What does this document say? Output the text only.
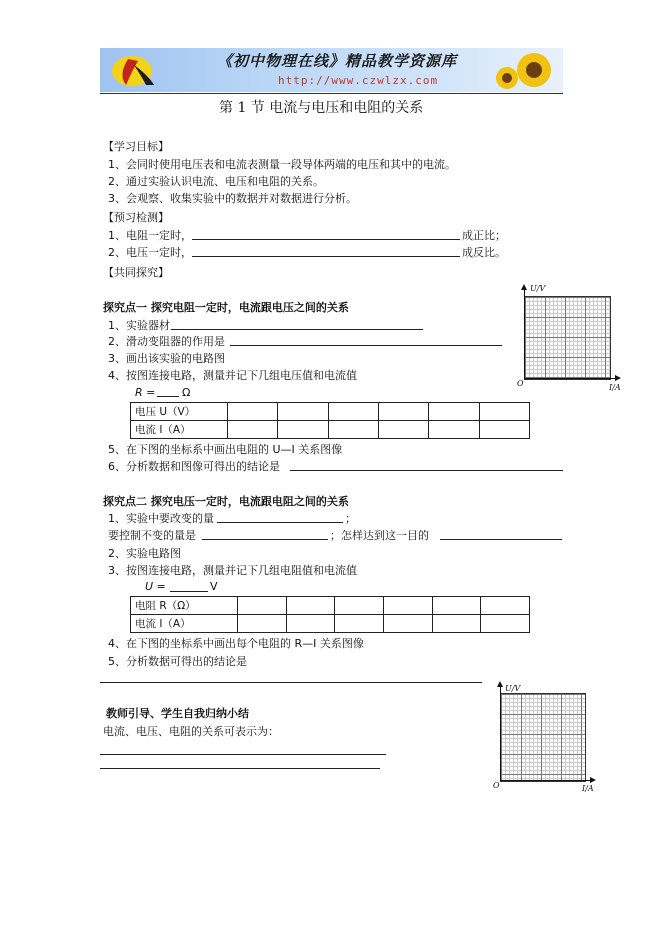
《初中物理在线》精品教学资源库
http://www.czwlzx.com
第 1 节 电流与电压和电阻的关系
【学习目标】
1、会同时使用电压表和电流表测量一段导体两端的电压和其中的电流。
2、通过实验认识电流、电压和电阻的关系。
3、会观察、收集实验中的数据并对数据进行分析。
【预习检测】
1、电阻一定时，	成正比；
2、电压一定时，	成反比。
【共同探究】
探究点一 探究电阻一定时，电流跟电压之间的关系
1、实验器材
2、滑动变阻器的作用是
3、画出该实验的电路图
4、按图连接电路，测量并记下几组电压值和电流值
R = Ω
电压 U（V）						
电流 I（A）						
5、在下图的坐标系中画出电阻的 U—I 关系图像
6、分析数据和图像可得出的结论是
U/V
I/A
O
探究点二 探究电压一定时，电流跟电阻之间的关系
1、实验中要改变的量	；
要控制不变的量是	；怎样达到这一目的
2、实验电路图
3、按图连接电路，测量并记下几组电阻值和电流值
U =	V
电阻 R（Ω）						
电流 I（A）						
4、在下图的坐标系中画出每个电阻的 R—I 关系图像
5、分析数据可得出的结论是
教师引导、学生自我归纳小结
电流、电压、电阻的关系可表示为：
U/V
I/A
O
